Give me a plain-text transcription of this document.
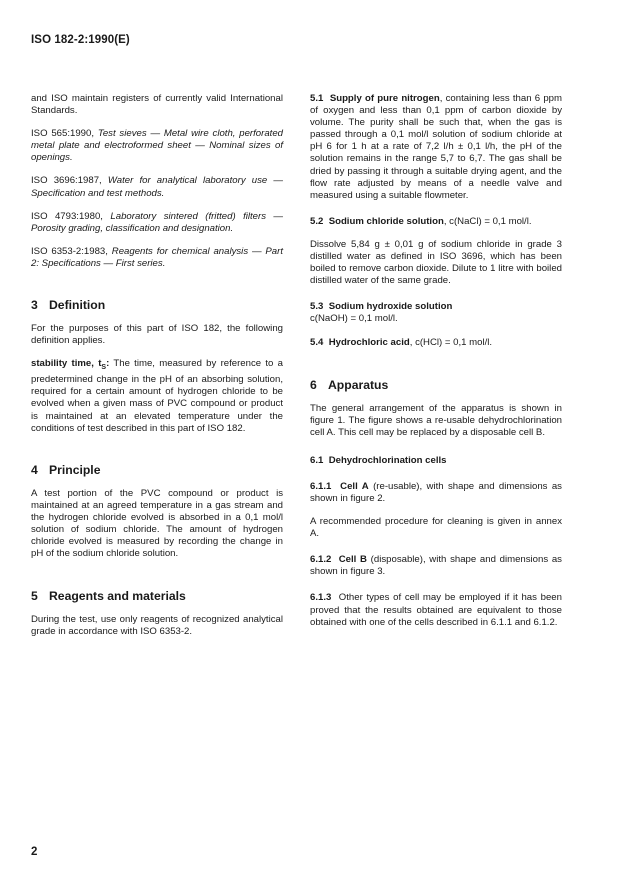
ISO 182-2:1990(E)

and ISO maintain registers of currently valid International Standards.

ISO 565:1990, Test sieves — Metal wire cloth, perforated metal plate and electroformed sheet — Nominal sizes of openings.

ISO 3696:1987, Water for analytical laboratory use — Specification and test methods.

ISO 4793:1980, Laboratory sintered (fritted) filters — Porosity grading, classification and designation.

ISO 6353-2:1983, Reagents for chemical analysis — Part 2: Specifications — First series.

3 Definition

For the purposes of this part of ISO 182, the following definition applies.

stability time, $t_S$: The time, measured by reference to a predetermined change in the pH of an absorbing solution, required for a certain amount of hydrogen chloride to be evolved when a given mass of PVC compound or product is maintained at an elevated temperature under the conditions of test described in this part of ISO 182.

4 Principle

A test portion of the PVC compound or product is maintained at an agreed temperature in a gas stream and the hydrogen chloride evolved is absorbed in a 0,1 mol/l solution of sodium chloride. The amount of hydrogen chloride evolved is measured by recording the change in pH of the sodium chloride solution.

5 Reagents and materials

During the test, use only reagents of recognized analytical grade in accordance with ISO 6353-2.

5.1 Supply of pure nitrogen, containing less than 6 ppm of oxygen and less than 0,1 ppm of carbon dioxide by volume. The purity shall be such that, when the gas is passed through a 0,1 mol/l solution of sodium chloride at pH 6 for 1 h at a rate of 7,2 l/h ± 0,1 l/h, the pH of the solution remains in the range 5,7 to 6,7. The gas shall be dried by passing it through a suitable drying agent, and the flow rate adjusted by means of a needle valve and measured using a suitable flowmeter.

5.2 Sodium chloride solution, c(NaCl) = 0,1 mol/l.

Dissolve 5,84 g ± 0,01 g of sodium chloride in grade 3 distilled water as defined in ISO 3696, which has been boiled to remove carbon dioxide. Dilute to 1 litre with boiled distilled water of the same grade.

5.3 Sodium hydroxide solution

c(NaOH) = 0,1 mol/l.

5.4 Hydrochloric acid, c(HCl) = 0,1 mol/l.

6 Apparatus

The general arrangement of the apparatus is shown in figure 1. The figure shows a re-usable dehydrochlorination cell A. This cell may be replaced by a disposable cell B.

6.1 Dehydrochlorination cells

6.1.1 Cell A (re-usable), with shape and dimensions as shown in figure 2.

A recommended procedure for cleaning is given in annex A.

6.1.2 Cell B (disposable), with shape and dimensions as shown in figure 3.

6.1.3 Other types of cell may be employed if it has been proved that the results obtained are equivalent to those obtained with one of the cells described in 6.1.1 and 6.1.2.

2
